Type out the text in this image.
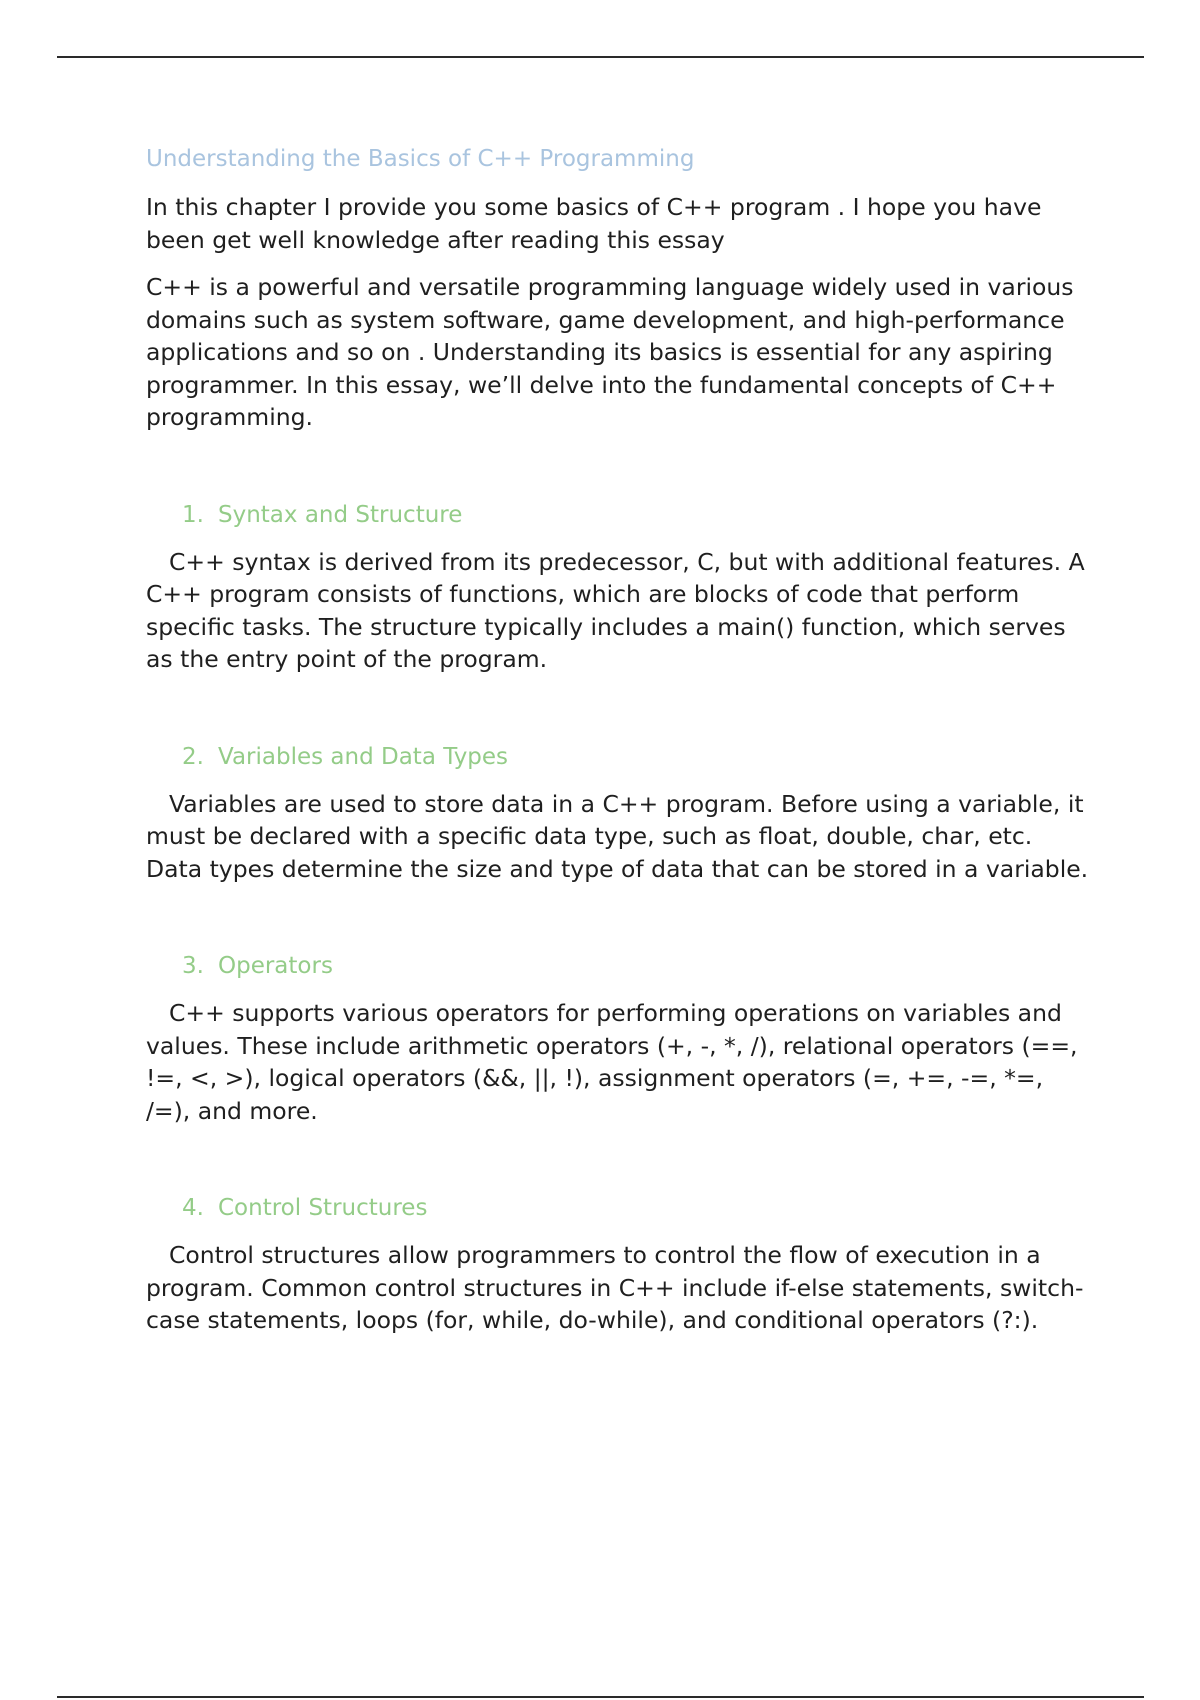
Understanding the Basics of C++ Programming

In this chapter I provide you some basics of C++ program . I hope you have been get well knowledge after reading this essay

C++ is a powerful and versatile programming language widely used in various domains such as system software, game development, and high-performance applications and so on . Understanding its basics is essential for any aspiring programmer. In this essay, we’ll delve into the fundamental concepts of C++ programming.

1. Syntax and Structure

C++ syntax is derived from its predecessor, C, but with additional features. A C++ program consists of functions, which are blocks of code that perform specific tasks. The structure typically includes a main() function, which serves as the entry point of the program.

2. Variables and Data Types

Variables are used to store data in a C++ program. Before using a variable, it must be declared with a specific data type, such as float, double, char, etc. Data types determine the size and type of data that can be stored in a variable.

3. Operators

C++ supports various operators for performing operations on variables and values. These include arithmetic operators (+, -, *, /), relational operators (==, !=, <, >), logical operators (&&, ||, !), assignment operators (=, +=, -=, *=, /=), and more.

4. Control Structures

Control structures allow programmers to control the flow of execution in a program. Common control structures in C++ include if-else statements, switch-case statements, loops (for, while, do-while), and conditional operators (?:).
